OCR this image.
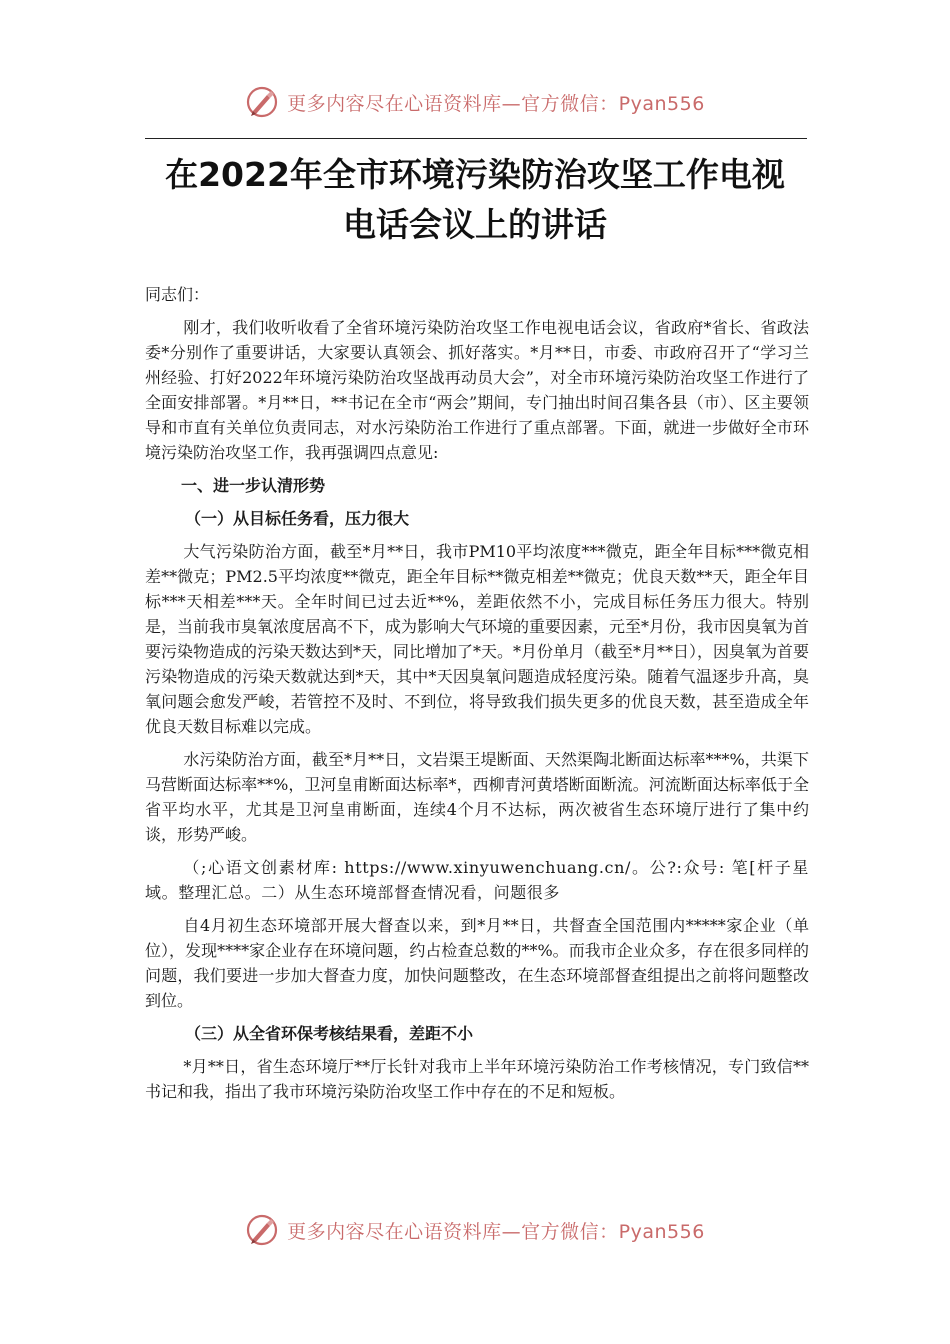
更多内容尽在心语资料库—官方微信：Pyan556
在2022年全市环境污染防治攻坚工作电视
电话会议上的讲话

同志们：

刚才，我们收听收看了全省环境污染防治攻坚工作电视电话会议，省政府*省长、省政法委*分别作了重要讲话，大家要认真领会、抓好落实。*月**日，市委、市政府召开了“学习兰州经验、打好2022年环境污染防治攻坚战再动员大会”，对全市环境污染防治攻坚工作进行了全面安排部署。*月**日，**书记在全市“两会”期间，专门抽出时间召集各县（市）、区主要领导和市直有关单位负责同志，对水污染防治工作进行了重点部署。下面，就进一步做好全市环境污染防治攻坚工作，我再强调四点意见:

一、进一步认清形势

（一）从目标任务看，压力很大

大气污染防治方面，截至*月**日，我市PM10平均浓度***微克，距全年目标***微克相差**微克；PM2.5平均浓度**微克，距全年目标**微克相差**微克；优良天数**天，距全年目标***天相差***天。全年时间已过去近**%，差距依然不小，完成目标任务压力很大。特别是，当前我市臭氧浓度居高不下，成为影响大气环境的重要因素，元至*月份，我市因臭氧为首要污染物造成的污染天数达到*天，同比增加了*天。*月份单月（截至*月**日），因臭氧为首要污染物造成的污染天数就达到*天，其中*天因臭氧问题造成轻度污染。随着气温逐步升高，臭氧问题会愈发严峻，若管控不及时、不到位，将导致我们损失更多的优良天数，甚至造成全年优良天数目标难以完成。

水污染防治方面，截至*月**日，文岩渠王堤断面、天然渠陶北断面达标率***%，共渠下马营断面达标率**%，卫河皇甫断面达标率*，西柳青河黄塔断面断流。河流断面达标率低于全省平均水平，尤其是卫河皇甫断面，连续4个月不达标，两次被省生态环境厅进行了集中约谈，形势严峻。

（;心语文创素材库: https://www.xinyuwenchuang.cn/。公?:众号: 笔[杆子星域。整理汇总。二）从生态环境部督查情况看，问题很多

自4月初生态环境部开展大督查以来，到*月**日，共督查全国范围内*****家企业（单位），发现****家企业存在环境问题，约占检查总数的**%。而我市企业众多，存在很多同样的问题，我们要进一步加大督查力度，加快问题整改，在生态环境部督查组提出之前将问题整改到位。

（三）从全省环保考核结果看，差距不小

*月**日，省生态环境厅**厅长针对我市上半年环境污染防治工作考核情况，专门致信**书记和我，指出了我市环境污染防治攻坚工作中存在的不足和短板。

更多内容尽在心语资料库—官方微信：Pyan556
